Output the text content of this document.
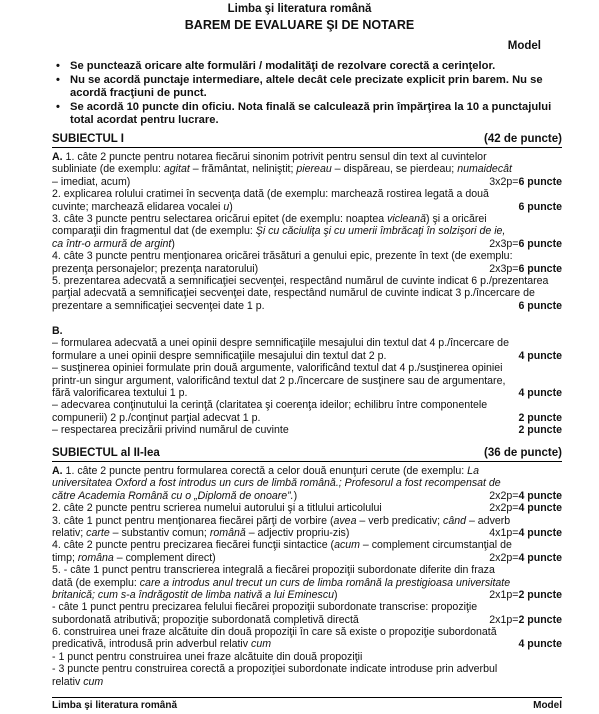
Limba şi literatura română
BAREM DE EVALUARE ŞI DE NOTARE
Model
• Se punctează oricare alte formulări / modalităţi de rezolvare corectă a cerinţelor.
• Nu se acordă punctaje intermediare, altele decât cele precizate explicit prin barem. Nu se acordă fracţiuni de punct.
• Se acordă 10 puncte din oficiu. Nota finală se calculează prin împărţirea la 10 a punctajului total acordat pentru lucrare.
SUBIECTUL I	(42 de puncte)
A. 1. câte 2 puncte pentru notarea fiecărui sinonim potrivit pentru sensul din text al cuvintelor
subliniate (de exemplu: agitat – frământat, neliniştit; piereau – dispăreau, se pierdeau; numaidecât
– imediat, acum)	3x2p=6 puncte
2. explicarea rolului cratimei în secvenţa dată (de exemplu: marchează rostirea legată a două
cuvinte; marchează elidarea vocalei u)	6 puncte
3. câte 3 puncte pentru selectarea oricărui epitet (de exemplu: noaptea vicleană) şi a oricărei
comparaţii din fragmentul dat (de exemplu: Şi cu căciuliţa şi cu umerii îmbrăcaţi în solzişori de ie,
ca într-o armură de argint)	2x3p=6 puncte
4. câte 3 puncte pentru menţionarea oricărei trăsături a genului epic, prezente în text (de exemplu:
prezenţa personajelor; prezenţa naratorului)	2x3p=6 puncte
5. prezentarea adecvată a semnificaţiei secvenţei, respectând numărul de cuvinte indicat 6 p./prezentarea
parţial adecvată a semnificaţiei secvenţei date, respectând numărul de cuvinte indicat 3 p./încercare de
prezentare a semnificaţiei secvenţei date 1 p.	6 puncte
B.
– formularea adecvată a unei opinii despre semnificaţiile mesajului din textul dat 4 p./încercare de
formulare a unei opinii despre semnificaţiile mesajului din textul dat 2 p.	4 puncte
– susţinerea opiniei formulate prin două argumente, valorificând textul dat 4 p./susţinerea opiniei
printr-un singur argument, valorificând textul dat 2 p./încercare de susţinere sau de argumentare,
fără valorificarea textului 1 p.	4 puncte
– adecvarea conţinutului la cerinţă (claritatea şi coerenţa ideilor; echilibru între componentele
compunerii) 2 p./conţinut parţial adecvat 1 p.	2 puncte
– respectarea precizării privind numărul de cuvinte	2 puncte
SUBIECTUL al II-lea	(36 de puncte)
A. 1. câte 2 puncte pentru formularea corectă a celor două enunţuri cerute (de exemplu: La
universitatea Oxford a fost introdus un curs de limbă română.; Profesorul a fost recompensat de
către Academia Română cu o „Diplomă de onoare”.)	2x2p=4 puncte
2. câte 2 puncte pentru scrierea numelui autorului şi a titlului articolului	2x2p=4 puncte
3. câte 1 punct pentru menţionarea fiecărei părţi de vorbire (avea – verb predicativ; când – adverb
relativ; carte – substantiv comun; română – adjectiv propriu-zis)	4x1p=4 puncte
4. câte 2 puncte pentru precizarea fiecărei funcţii sintactice (acum – complement circumstanţial de
timp; româna – complement direct)	2x2p=4 puncte
5. - câte 1 punct pentru transcrierea integrală a fiecărei propoziţii subordonate diferite din fraza
dată (de exemplu: care a introdus anul trecut un curs de limba română la prestigioasa universitate
britanică; cum s-a îndrăgostit de limba nativă a lui Eminescu)	2x1p=2 puncte
- câte 1 punct pentru precizarea felului fiecărei propoziţii subordonate transcrise: propoziţie
subordonată atributivă; propoziţie subordonată completivă directă	2x1p=2 puncte
6. construirea unei fraze alcătuite din două propoziţii în care să existe o propoziţie subordonată
predicativă, introdusă prin adverbul relativ cum	4 puncte
- 1 punct pentru construirea unei fraze alcătuite din două propoziţii
- 3 puncte pentru construirea corectă a propoziţiei subordonate indicate introduse prin adverbul
relativ cum
Limba şi literatura română	Model
